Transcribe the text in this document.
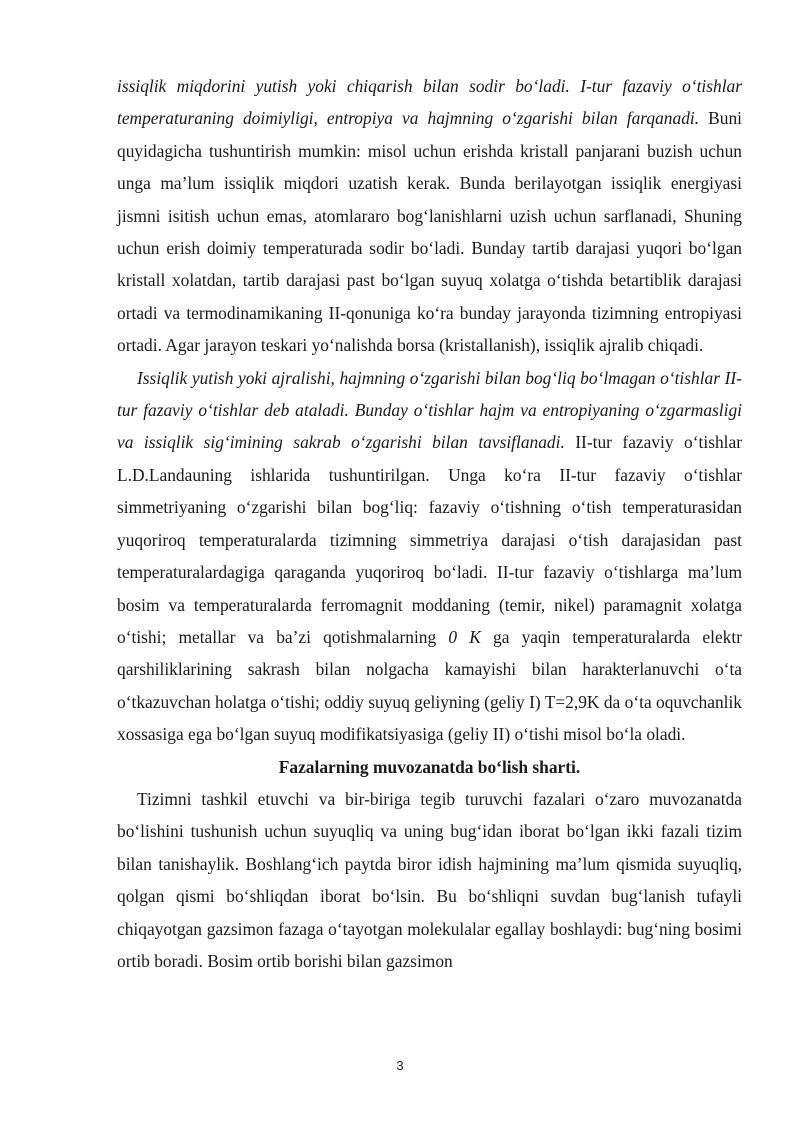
issiqlik miqdorini yutish yoki chiqarish bilan sodir bo‘ladi. I-tur fazaviy o‘tishlar temperaturaning doimiyligi, entropiya va hajmning o‘zgarishi bilan farqanadi. Buni quyidagicha tushuntirish mumkin: misol uchun erishda kristall panjarani buzish uchun unga ma’lum issiqlik miqdori uzatish kerak. Bunda berilayotgan issiqlik energiyasi jismni isitish uchun emas, atomlararo bog‘lanishlarni uzish uchun sarflanadi, Shuning uchun erish doimiy temperaturada sodir bo‘ladi. Bunday tartib darajasi yuqori bo‘lgan kristall xolatdan, tartib darajasi past bo‘lgan suyuq xolatga o‘tishda betartiblik darajasi ortadi va termodinamikaning II-qonuniga ko‘ra bunday jarayonda tizimning entropiyasi ortadi. Agar jarayon teskari yo‘nalishda borsa (kristallanish), issiqlik ajralib chiqadi.

Issiqlik yutish yoki ajralishi, hajmning o‘zgarishi bilan bog‘liq bo‘lmagan o‘tishlar II-tur fazaviy o‘tishlar deb ataladi. Bunday o‘tishlar hajm va entropiyaning o‘zgarmasligi va issiqlik sig‘imining sakrab o‘zgarishi bilan tavsiflanadi. II-tur fazaviy o‘tishlar L.D.Landauning ishlarida tushuntirilgan. Unga ko‘ra II-tur fazaviy o‘tishlar simmetriyaning o‘zgarishi bilan bog‘liq: fazaviy o‘tishning o‘tish temperaturasidan yuqoriroq temperaturalarda tizimning simmetriya darajasi o‘tish darajasidan past temperaturalardagiga qaraganda yuqoriroq bo‘ladi. II-tur fazaviy o‘tishlarga ma’lum bosim va temperaturalarda ferromagnit moddaning (temir, nikel) paramagnit xolatga o‘tishi; metallar va ba’zi qotishmalarning 0 K ga yaqin temperaturalarda elektr qarshiliklarining sakrash bilan nolgacha kamayishi bilan harakterlanuvchi o‘ta o‘tkazuvchan holatga o‘tishi; oddiy suyuq geliyning (geliy I) T=2,9K da o‘ta oquvchanlik xossasiga ega bo‘lgan suyuq modifikatsiyasiga (geliy II) o‘tishi misol bo‘la oladi.

Fazalarning muvozanatda bo‘lish sharti.

Tizimni tashkil etuvchi va bir-biriga tegib turuvchi fazalari o‘zaro muvozanatda bo‘lishini tushunish uchun suyuqliq va uning bug‘idan iborat bo‘lgan ikki fazali tizim bilan tanishaylik. Boshlang‘ich paytda biror idish hajmining ma’lum qismida suyuqliq, qolgan qismi bo‘shliqdan iborat bo‘lsin. Bu bo‘shliqni suvdan bug‘lanish tufayli chiqayotgan gazsimon fazaga o‘tayotgan molekulalar egallay boshlaydi: bug‘ning bosimi ortib boradi. Bosim ortib borishi bilan gazsimon

3
